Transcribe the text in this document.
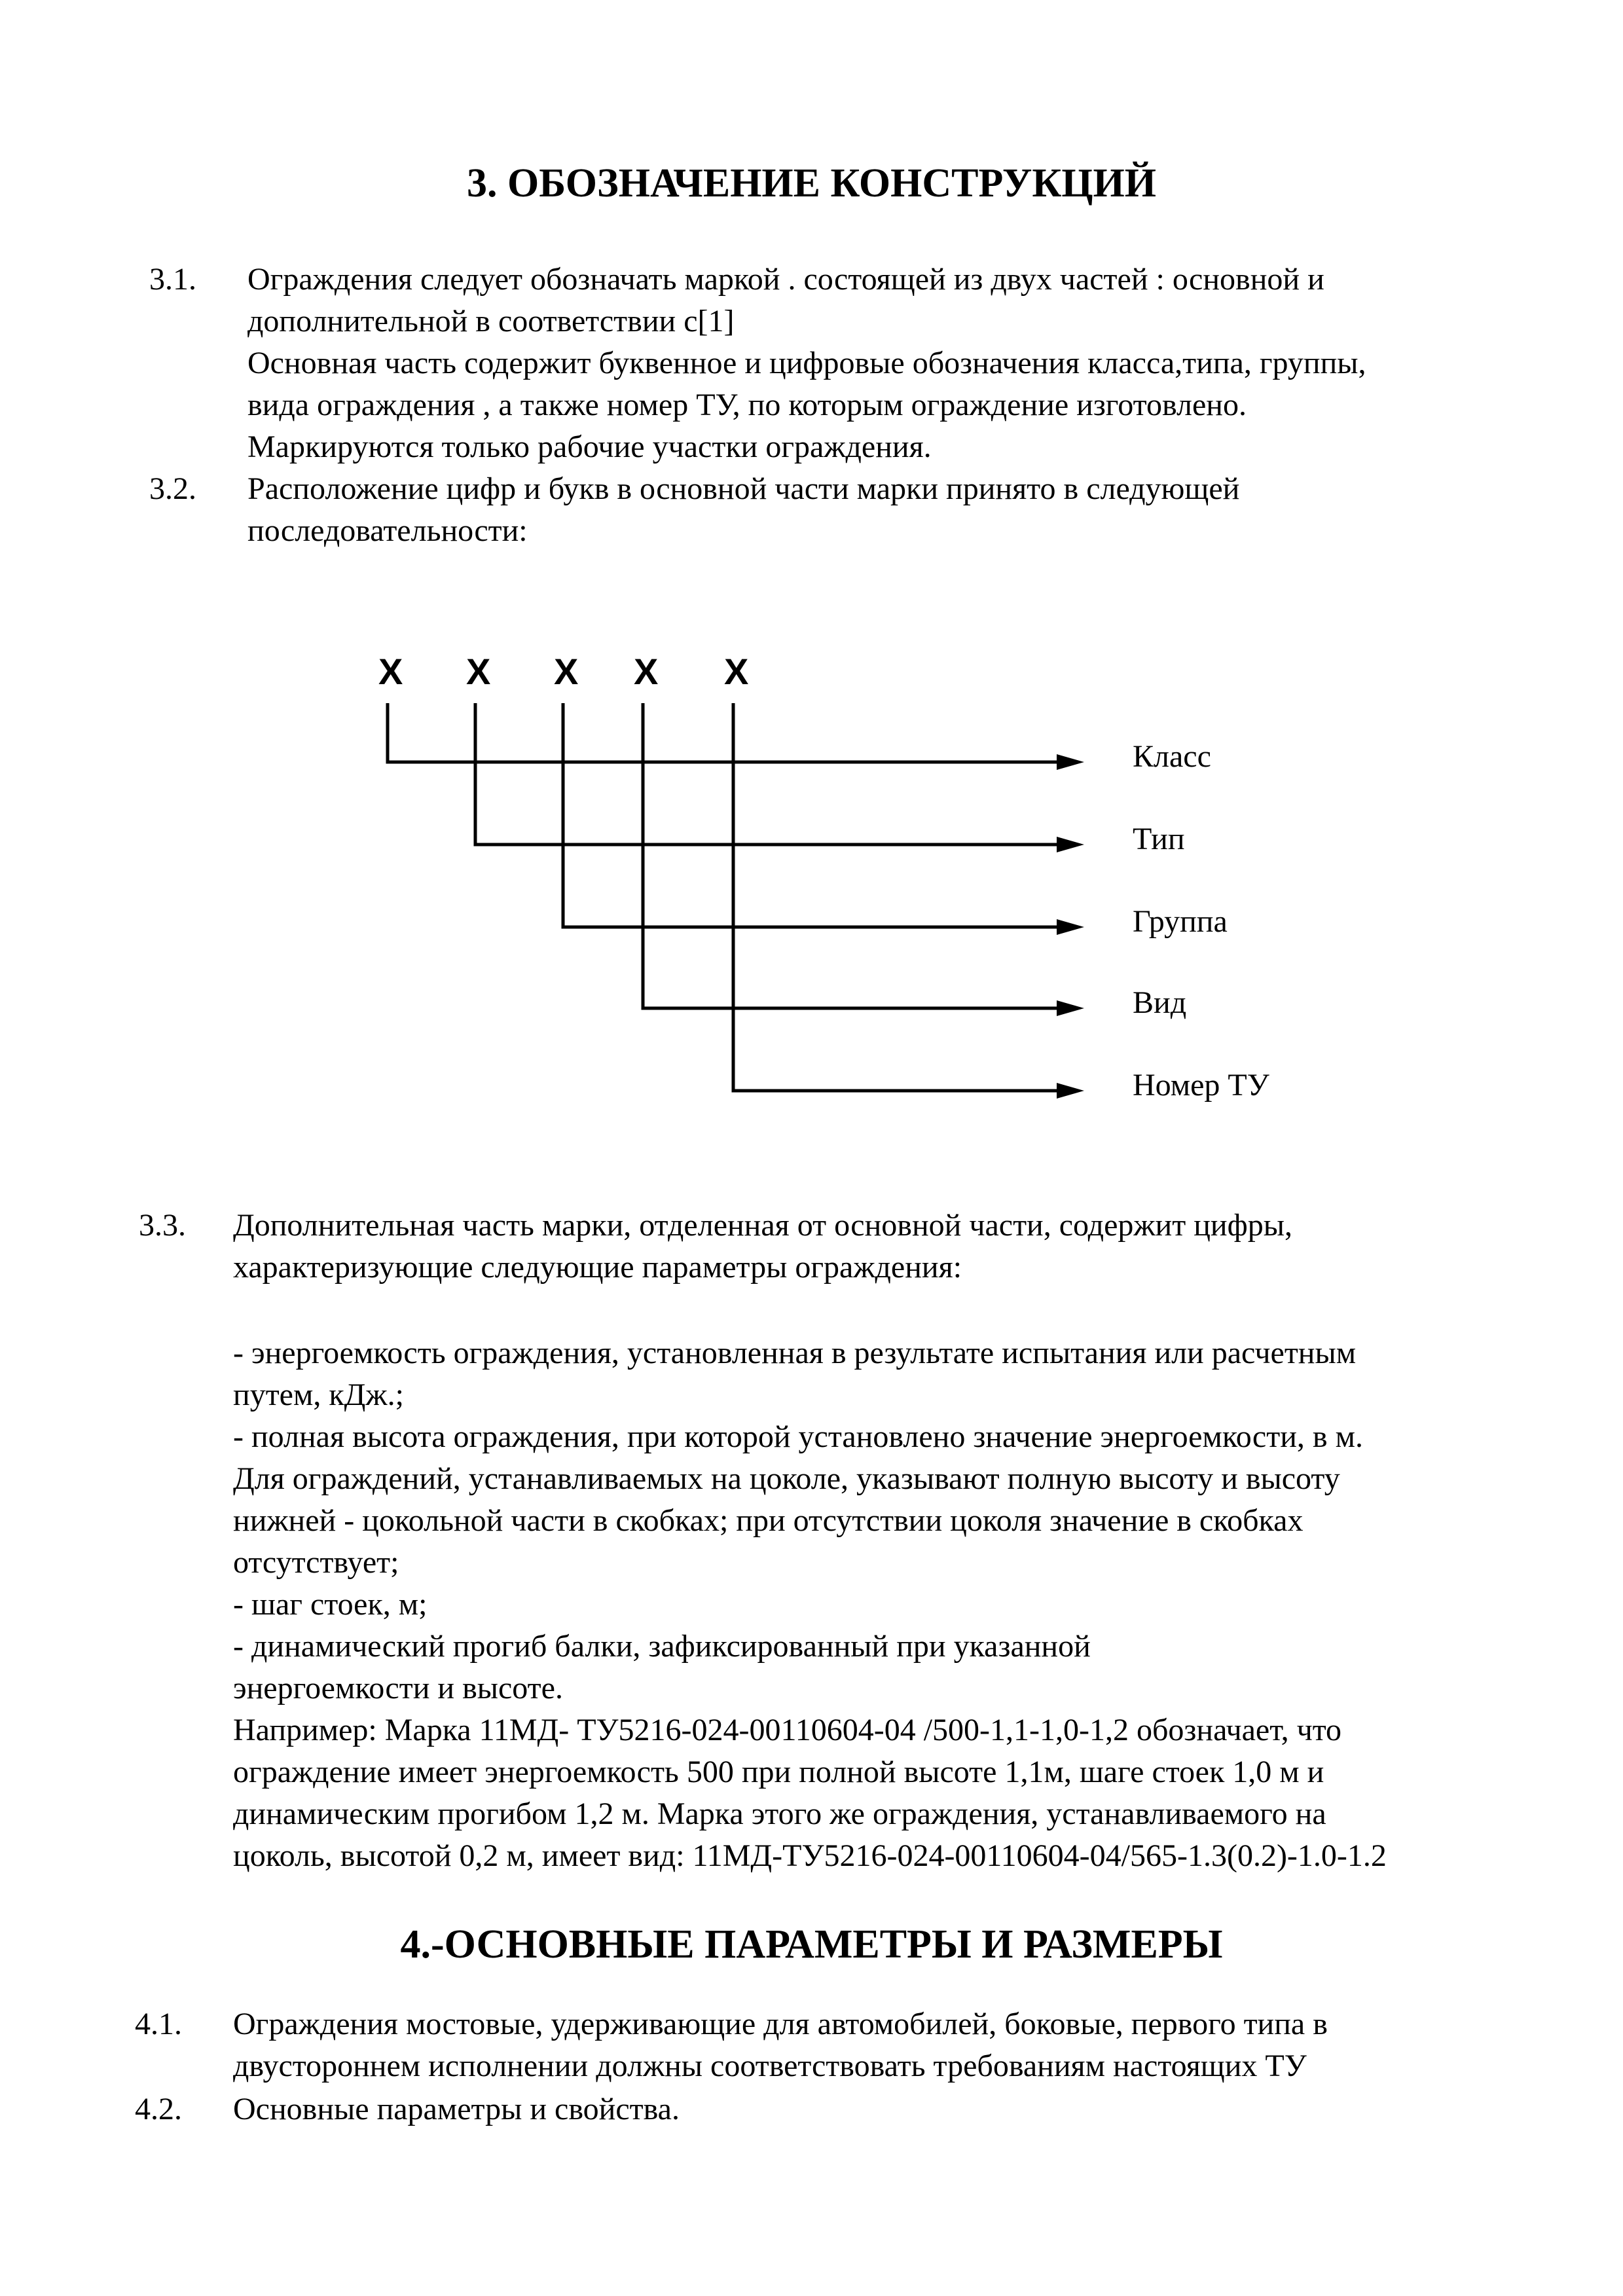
3. ОБОЗНАЧЕНИЕ КОНСТРУКЦИЙ
3.1. Ограждения следует обозначать маркой . состоящей из двух частей : основной и
дополнительной в соответствии с[1]
Основная часть содержит буквенное и цифровые обозначения класса,типа, группы,
вида ограждения , а также номер ТУ, по которым ограждение изготовлено.
Маркируются только рабочие участки ограждения.
3.2. Расположение цифр и букв в основной части марки принято в следующей
последовательности:
X X X X X
Класс
Тип
Группа
Вид
Номер ТУ
3.3. Дополнительная часть марки, отделенная от основной части, содержит цифры,
характеризующие следующие параметры ограждения:
- энергоемкость ограждения, установленная в результате испытания или расчетным
путем, кДж.;
- полная высота ограждения, при которой установлено значение энергоемкости, в м.
Для ограждений, устанавливаемых на цоколе, указывают полную высоту и высоту
нижней - цокольной части в скобках; при отсутствии цоколя значение в скобках
отсутствует;
- шаг стоек, м;
- динамический прогиб балки, зафиксированный при указанной
энергоемкости и высоте.
Например: Марка 11МД- ТУ5216-024-00110604-04 /500-1,1-1,0-1,2 обозначает, что
ограждение имеет энергоемкость 500 при полной высоте 1,1м, шаге стоек 1,0 м и
динамическим прогибом 1,2 м. Марка этого же ограждения, устанавливаемого на
цоколь, высотой 0,2 м, имеет вид: 11МД-ТУ5216-024-00110604-04/565-1.3(0.2)-1.0-1.2
4.-ОСНОВНЫЕ ПАРАМЕТРЫ И РАЗМЕРЫ
4.1. Ограждения мостовые, удерживающие для автомобилей, боковые, первого типа в
двустороннем исполнении должны соответствовать требованиям настоящих ТУ
4.2. Основные параметры и свойства.
